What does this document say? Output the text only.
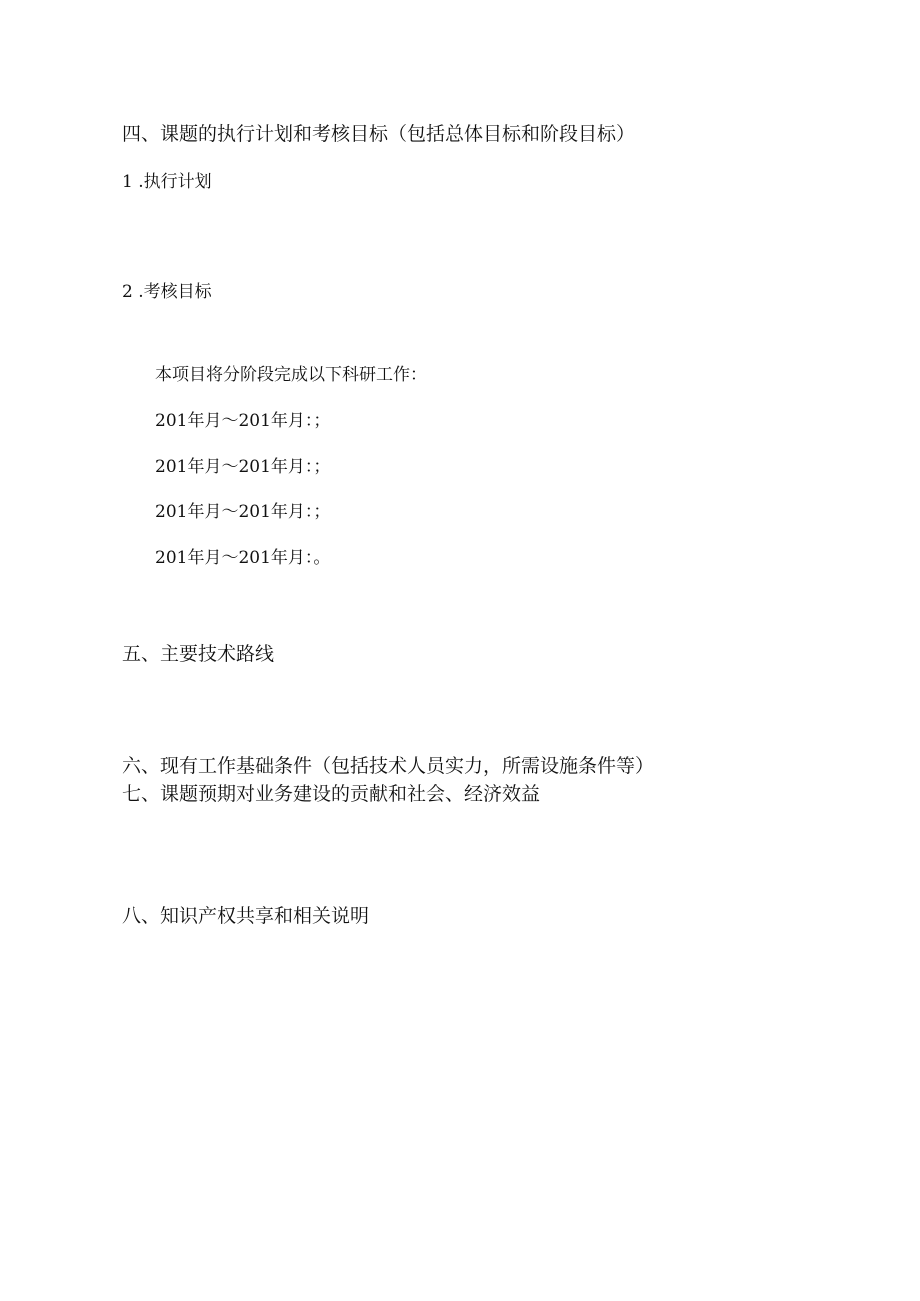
四、课题的执行计划和考核目标（包括总体目标和阶段目标）
1 .执行计划
2 .考核目标
本项目将分阶段完成以下科研工作：
201年月～201年月：；
201年月～201年月：；
201年月～201年月：；
201年月～201年月：。
五、主要技术路线
六、现有工作基础条件（包括技术人员实力，所需设施条件等）
七、课题预期对业务建设的贡献和社会、经济效益
八、知识产权共享和相关说明
